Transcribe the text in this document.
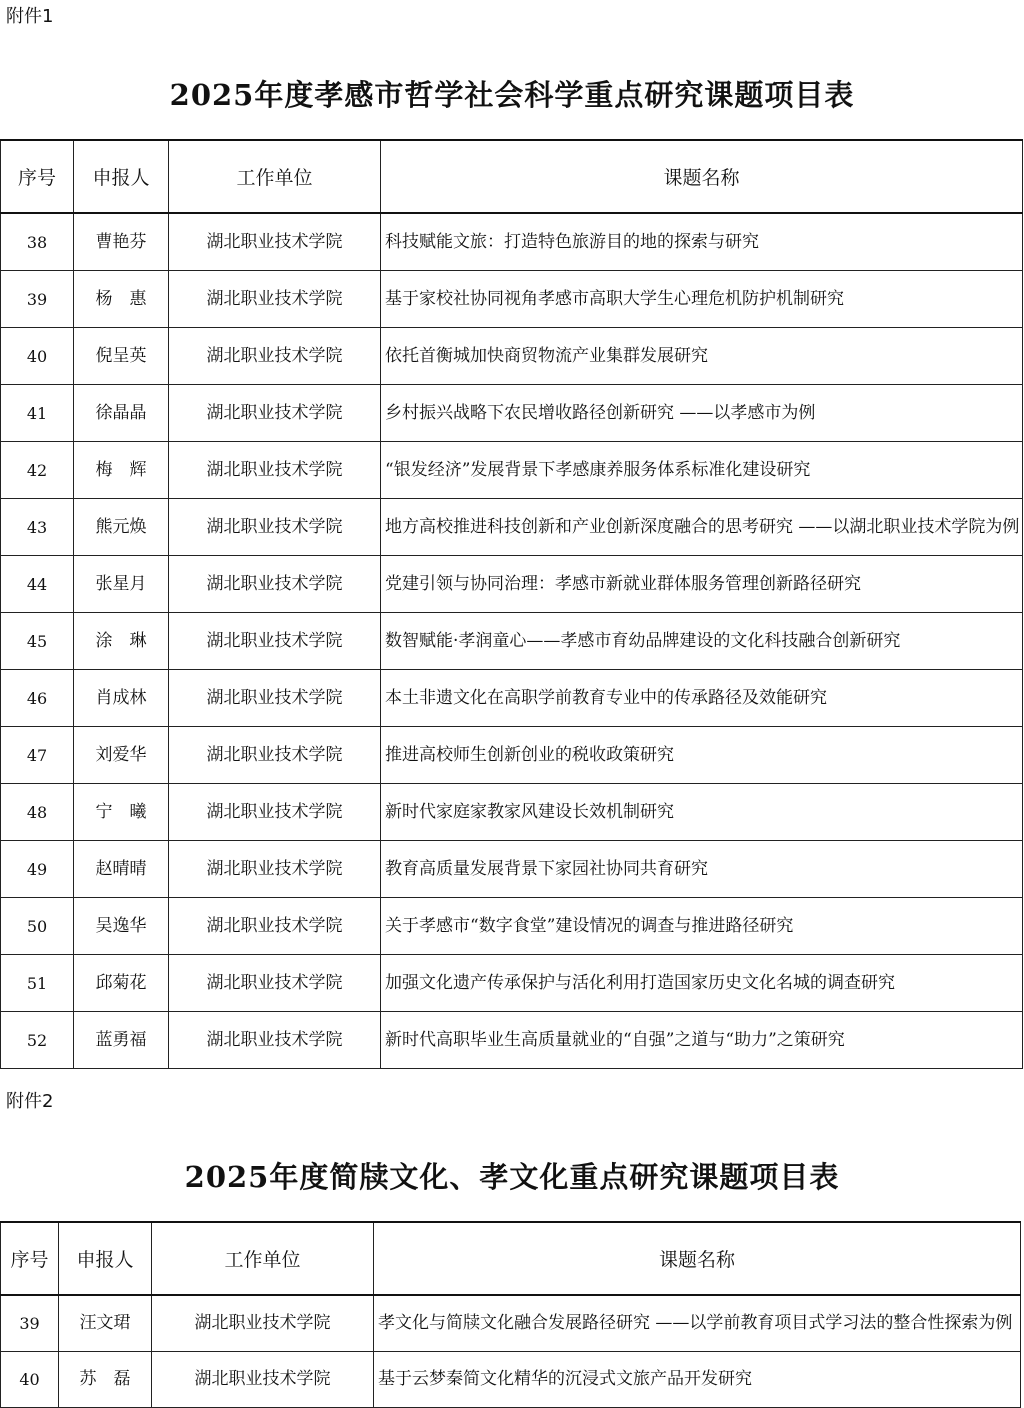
附件1
2025年度孝感市哲学社会科学重点研究课题项目表
序号	申报人	工作单位	课题名称
38	曹艳芬	湖北职业技术学院	科技赋能文旅：打造特色旅游目的地的探索与研究
39	杨　惠	湖北职业技术学院	基于家校社协同视角孝感市高职大学生心理危机防护机制研究
40	倪呈英	湖北职业技术学院	依托首衡城加快商贸物流产业集群发展研究
41	徐晶晶	湖北职业技术学院	乡村振兴战略下农民增收路径创新研究 ——以孝感市为例
42	梅　辉	湖北职业技术学院	“银发经济”发展背景下孝感康养服务体系标准化建设研究
43	熊元焕	湖北职业技术学院	地方高校推进科技创新和产业创新深度融合的思考研究 ——以湖北职业技术学院为例
44	张星月	湖北职业技术学院	党建引领与协同治理：孝感市新就业群体服务管理创新路径研究
45	涂　琳	湖北职业技术学院	数智赋能·孝润童心——孝感市育幼品牌建设的文化科技融合创新研究
46	肖成林	湖北职业技术学院	本土非遗文化在高职学前教育专业中的传承路径及效能研究
47	刘爱华	湖北职业技术学院	推进高校师生创新创业的税收政策研究
48	宁　曦	湖北职业技术学院	新时代家庭家教家风建设长效机制研究
49	赵晴晴	湖北职业技术学院	教育高质量发展背景下家园社协同共育研究
50	吴逸华	湖北职业技术学院	关于孝感市“数字食堂”建设情况的调查与推进路径研究
51	邱菊花	湖北职业技术学院	加强文化遗产传承保护与活化利用打造国家历史文化名城的调查研究
52	蓝勇福	湖北职业技术学院	新时代高职毕业生高质量就业的“自强”之道与“助力”之策研究
附件2
2025年度简牍文化、孝文化重点研究课题项目表
序号	申报人	工作单位	课题名称
39	汪文珺	湖北职业技术学院	孝文化与简牍文化融合发展路径研究 ——以学前教育项目式学习法的整合性探索为例
40	苏　磊	湖北职业技术学院	基于云梦秦简文化精华的沉浸式文旅产品开发研究
